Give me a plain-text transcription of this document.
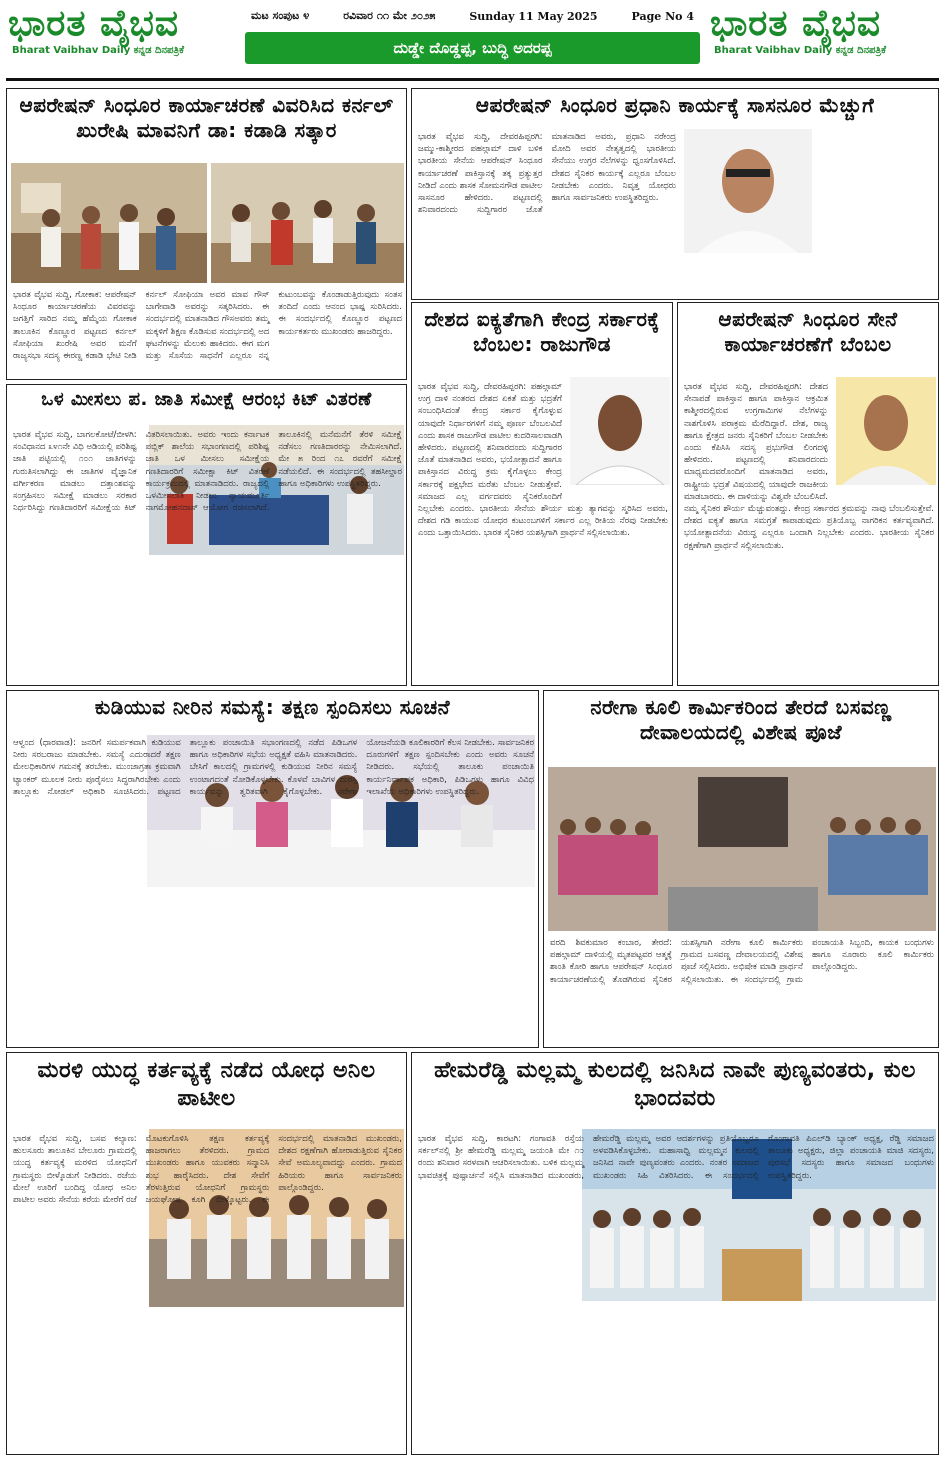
ಭಾರತ ವೈಭವ
Bharat Vaibhav Daily ಕನ್ನಡ ದಿನಪತ್ರಿಕೆ
ಮಟ ಸಂಪುಟ ೪	ರವಿವಾರ ೧೧ ಮೇ ೨೦೨೫	Sunday 11 May 2025	Page No 4
ದುಡ್ಡೇ ದೊಡ್ಡಪ್ಪ, ಬುದ್ಧಿ ಅದರಪ್ಪ
ಭಾರತ ವೈಭವ
Bharat Vaibhav Daily ಕನ್ನಡ ದಿನಪತ್ರಿಕೆ
ಆಪರೇಷನ್ ಸಿಂಧೂರ ಕಾರ್ಯಾಚರಣೆ ವಿವರಿಸಿದ ಕರ್ನಲ್ ಖುರೇಷಿ ಮಾವನಿಗೆ ಡಾ: ಕಡಾಡಿ ಸತ್ಕಾರ
ಭಾರತ ವೈಭವ ಸುದ್ದಿ, ಗೋಕಾಕ: ಆಪರೇಷನ್ ಸಿಂಧೂರ ಕಾರ್ಯಾಚರಣೆಯ ವಿವರವನ್ನು ಜಗತ್ತಿಗೆ ಸಾರಿದ ನಮ್ಮ ಹೆಮ್ಮೆಯ ಗೋಕಾಕ ತಾಲೂಕಿನ ಕೊಣ್ಣೂರ ಪಟ್ಟಣದ ಕರ್ನಲ್ ಸೋಫಿಯಾ ಖುರೇಷಿ ಅವರ ಮನೆಗೆ ರಾಜ್ಯಸಭಾ ಸದಸ್ಯ ಈರಣ್ಣ ಕಡಾಡಿ ಭೇಟಿ ನೀಡಿ ಕರ್ನಲ್ ಸೋಫಿಯಾ ಅವರ ಮಾವ ಗೌಸ್ ಬಾಗೇವಾಡಿ ಅವರನ್ನು ಸತ್ಕರಿಸಿದರು. ಈ ಸಂದರ್ಭದಲ್ಲಿ ಮಾತನಾಡಿದ ಗೌಸಅವರು ತಮ್ಮ ಮಕ್ಕಳಿಗೆ ಶಿಕ್ಷಣ ಕೊಡಿಸುವ ಸಂದರ್ಭದಲ್ಲಿ ಅದ ಘಟನೆಗಳನ್ನು ಮೆಲುಕು ಹಾಕಿದರು. ಈಗ ಮಗ ಮತ್ತು ಸೊಸೆಯ ಸಾಧನೆಗೆ ಎಲ್ಲರೂ ನನ್ನ ಕುಟುಂಬವನ್ನು ಕೊಂಡಾಡುತ್ತಿರುವುದು ಸಂತಸ ತಂದಿದೆ ಎಂದು ಆನಂದ ಭಾಷ್ಪ ಸುರಿಸಿದರು. ಈ ಸಂದರ್ಭದಲ್ಲಿ ಕೊಣ್ಣೂರ ಪಟ್ಟಣದ ಕಾರ್ಯಕರ್ತರು ಮುಖಂಡರು ಹಾಜರಿದ್ದರು.
ಆಪರೇಷನ್ ಸಿಂಧೂರ ಪ್ರಧಾನಿ ಕಾರ್ಯಕ್ಕೆ ಸಾಸನೂರ ಮೆಚ್ಚುಗೆ
ಭಾರತ ವೈಭವ ಸುದ್ದಿ, ದೇವರಹಿಪ್ಪರಗಿ: ಜಮ್ಮು-ಕಾಶ್ಮೀರದ ಪಹಲ್ಗಾಮ್ ದಾಳಿ ಬಳಿಕ ಭಾರತೀಯ ಸೇನೆಯ ಆಪರೇಷನ್ ಸಿಂಧೂರ ಕಾರ್ಯಾಚರಣೆ ಪಾಕಿಸ್ತಾನಕ್ಕೆ ತಕ್ಕ ಪ್ರತ್ಯುತ್ತರ ನೀಡಿದೆ ಎಂದು ಶಾಸಕ ಸೋಮನಗೌಡ ಪಾಟೀಲ ಸಾಸನೂರ ಹೇಳಿದರು. ಪಟ್ಟಣದಲ್ಲಿ ಶನಿವಾರದಂದು ಸುದ್ದಿಗಾರರ ಜೊತೆ ಮಾತನಾಡಿದ ಅವರು, ಪ್ರಧಾನಿ ನರೇಂದ್ರ ಮೋದಿ ಅವರ ನೇತೃತ್ವದಲ್ಲಿ ಭಾರತೀಯ ಸೇನೆಯು ಉಗ್ರರ ನೆಲೆಗಳನ್ನು ಧ್ವಂಸಗೊಳಿಸಿದೆ. ದೇಶದ ಸೈನಿಕರ ಕಾರ್ಯಕ್ಕೆ ಎಲ್ಲರೂ ಬೆಂಬಲ ನೀಡಬೇಕು ಎಂದರು. ನಿವೃತ್ತ ಯೋಧರು ಹಾಗೂ ಸಾರ್ವಜನಿಕರು ಉಪಸ್ಥಿತರಿದ್ದರು.
ದೇಶದ ಐಕ್ಯತೆಗಾಗಿ ಕೇಂದ್ರ ಸರ್ಕಾರಕ್ಕೆ ಬೆಂಬಲ: ರಾಜುಗೌಡ
ಭಾರತ ವೈಭವ ಸುದ್ದಿ, ದೇವರಹಿಪ್ಪರಗಿ: ಪಹಲ್ಗಾಮ್ ಉಗ್ರ ದಾಳಿ ನಂತರದ ದೇಶದ ಏಕತೆ ಮತ್ತು ಭದ್ರತೆಗೆ ಸಂಬಂಧಿಸಿದಂತೆ ಕೇಂದ್ರ ಸರ್ಕಾರ ಕೈಗೊಳ್ಳುವ ಯಾವುದೇ ನಿರ್ಧಾರಗಳಿಗೆ ನಮ್ಮ ಪೂರ್ಣ ಬೆಂಬಲವಿದೆ ಎಂದು ಶಾಸಕ ರಾಜುಗೌಡ ಪಾಟೀಲ ಕುದರಿಸಾಲವಾಡಗಿ ಹೇಳಿದರು. ಪಟ್ಟಣದಲ್ಲಿ ಶನಿವಾರದಂದು ಸುದ್ದಿಗಾರರ ಜೊತೆ ಮಾತನಾಡಿದ ಅವರು, ಭಯೋತ್ಪಾದನೆ ಹಾಗೂ ಪಾಕಿಸ್ತಾನದ ವಿರುದ್ಧ ಕ್ರಮ ಕೈಗೊಳ್ಳಲು ಕೇಂದ್ರ ಸರ್ಕಾರಕ್ಕೆ ಪಕ್ಷಭೇದ ಮರೆತು ಬೆಂಬಲ ನೀಡುತ್ತೇವೆ. ಸಮಾಜದ ಎಲ್ಲ ವರ್ಗದವರು ಸೈನಿಕರೊಂದಿಗೆ ನಿಲ್ಲಬೇಕು ಎಂದರು. ಭಾರತೀಯ ಸೇನೆಯ ಶೌರ್ಯ ಮತ್ತು ತ್ಯಾಗವನ್ನು ಸ್ಮರಿಸಿದ ಅವರು, ದೇಶದ ಗಡಿ ಕಾಯುವ ಯೋಧರ ಕುಟುಂಬಗಳಿಗೆ ಸರ್ಕಾರ ಎಲ್ಲ ರೀತಿಯ ನೆರವು ನೀಡಬೇಕು ಎಂದು ಒತ್ತಾಯಿಸಿದರು. ಭಾರತ ಸೈನಿಕರ ಯಶಸ್ಸಿಗಾಗಿ ಪ್ರಾರ್ಥನೆ ಸಲ್ಲಿಸಲಾಯಿತು.
ಆಪರೇಷನ್ ಸಿಂಧೂರ ಸೇನೆ ಕಾರ್ಯಾಚರಣೆಗೆ ಬೆಂಬಲ
ಭಾರತ ವೈಭವ ಸುದ್ದಿ, ದೇವರಹಿಪ್ಪರಗಿ: ದೇಶದ ಸೇನಾಪಡೆ ಪಾಕಿಸ್ತಾನ ಹಾಗೂ ಪಾಕಿಸ್ತಾನ ಆಕ್ರಮಿತ ಕಾಶ್ಮೀರದಲ್ಲಿರುವ ಉಗ್ರಗಾಮಿಗಳ ನೆಲೆಗಳನ್ನು ನಾಶಗೊಳಿಸಿ ಪರಾಕ್ರಮ ಮೆರೆದಿದ್ದಾರೆ. ದೇಶ, ರಾಜ್ಯ ಹಾಗೂ ಕ್ಷೇತ್ರದ ಜನರು ಸೈನಿಕರಿಗೆ ಬೆಂಬಲ ನೀಡಬೇಕು ಎಂದು ಕೆಪಿಸಿಸಿ ಸದಸ್ಯ ಪ್ರಭುಗೌಡ ಲಿಂಗದಳ್ಳಿ ಹೇಳಿದರು. ಪಟ್ಟಣದಲ್ಲಿ ಶನಿವಾರದಂದು ಮಾಧ್ಯಮದವರೊಂದಿಗೆ ಮಾತನಾಡಿದ ಅವರು, ರಾಷ್ಟ್ರೀಯ ಭದ್ರತೆ ವಿಷಯದಲ್ಲಿ ಯಾವುದೇ ರಾಜಕೀಯ ಮಾಡಬಾರದು. ಈ ದಾಳಿಯನ್ನು ವಿಶ್ವವೇ ಬೆಂಬಲಿಸಿದೆ. ನಮ್ಮ ಸೈನಿಕರ ಶೌರ್ಯ ಮೆಚ್ಚುವಂತದ್ದು. ಕೇಂದ್ರ ಸರ್ಕಾರದ ಕ್ರಮವನ್ನು ನಾವು ಬೆಂಬಲಿಸುತ್ತೇವೆ. ದೇಶದ ಐಕ್ಯತೆ ಹಾಗೂ ಸಮಗ್ರತೆ ಕಾಪಾಡುವುದು ಪ್ರತಿಯೊಬ್ಬ ನಾಗರಿಕನ ಕರ್ತವ್ಯವಾಗಿದೆ. ಭಯೋತ್ಪಾದನೆಯ ವಿರುದ್ಧ ಎಲ್ಲರೂ ಒಂದಾಗಿ ನಿಲ್ಲಬೇಕು ಎಂದರು. ಭಾರತೀಯ ಸೈನಿಕರ ರಕ್ಷಣೆಗಾಗಿ ಪ್ರಾರ್ಥನೆ ಸಲ್ಲಿಸಲಾಯಿತು.
ಒಳ ಮೀಸಲು ಪ. ಜಾತಿ ಸಮೀಕ್ಷೆ ಆರಂಭ ಕಿಟ್ ವಿತರಣೆ
ಭಾರತ ವೈಭವ ಸುದ್ದಿ, ಬಾಗಲಕೋಟೆ/ಬೀಳಗಿ: ಸಂವಿಧಾನದ ೩೪೧ನೇ ವಿಧಿ ಅಡಿಯಲ್ಲಿ ಪರಿಶಿಷ್ಟ ಜಾತಿ ಪಟ್ಟಿಯಲ್ಲಿ ೧೦೧ ಜಾತಿಗಳನ್ನು ಗುರುತಿಸಲಾಗಿದ್ದು ಈ ಜಾತಿಗಳ ವೈಜ್ಞಾನಿಕ ವರ್ಗೀಕರಣ ಮಾಡಲು ದತ್ತಾಂಶವನ್ನು ಸಂಗ್ರಹಿಸಲು ಸಮೀಕ್ಷೆ ಮಾಡಲು ಸರಕಾರ ನಿರ್ಧರಿಸಿದ್ದು ಗಣತಿದಾರರಿಗೆ ಸಮೀಕ್ಷೆಯ ಕಿಟ್ ವಿತರಿಸಲಾಯಿತು. ಅವರು ಇಂದು ಕರ್ನಾಟಕ ಪಬ್ಲಿಕ್ ಶಾಲೆಯ ಸಭಾಂಗಣದಲ್ಲಿ ಪರಿಶಿಷ್ಟ ಜಾತಿ ಒಳ ಮೀಸಲು ಸಮೀಕ್ಷೆಯ ಗಣತಿದಾರರಿಗೆ ಸಮೀಕ್ಷಾ ಕಿಟ್ ವಿತರಣೆ ಕಾರ್ಯಕ್ರಮದಲ್ಲಿ ಮಾತನಾಡಿದರು. ರಾಜ್ಯದಲ್ಲಿ ಒಳಮೀಸಲಾತಿ ನೀಡಲು ನ್ಯಾಯಮೂರ್ತಿ ನಾಗಮೋಹನದಾಸ್ ಆಯೋಗ ರಚಿಸಲಾಗಿದೆ. ತಾಲೂಕಿನಲ್ಲಿ ಮನೆಮನೆಗೆ ತೆರಳಿ ಸಮೀಕ್ಷೆ ನಡೆಸಲು ಗಣತಿದಾರರನ್ನು ನೇಮಿಸಲಾಗಿದೆ. ಮೇ ೫ ರಿಂದ ೧೭ ರವರೆಗೆ ಸಮೀಕ್ಷೆ ನಡೆಯಲಿದೆ. ಈ ಸಂದರ್ಭದಲ್ಲಿ ತಹಸೀಲ್ದಾರ ಹಾಗೂ ಅಧಿಕಾರಿಗಳು ಉಪಸ್ಥಿತರಿದ್ದರು.
ಕುಡಿಯುವ ನೀರಿನ ಸಮಸ್ಯೆ: ತಕ್ಷಣ ಸ್ಪಂದಿಸಲು ಸೂಚನೆ
ಆಳ್ವಂದ (ಧಾರವಾಡ): ಜನರಿಗೆ ಸಮರ್ಪಕವಾಗಿ ಕುಡಿಯುವ ನೀರು ಸರಬರಾಜು ಮಾಡಬೇಕು. ಸಮಸ್ಯೆ ಎದುರಾದರೆ ತಕ್ಷಣ ಮೇಲಧಿಕಾರಿಗಳ ಗಮನಕ್ಕೆ ತರಬೇಕು. ಮುಂಜಾಗ್ರತಾ ಕ್ರಮವಾಗಿ ಟ್ಯಾಂಕರ್ ಮೂಲಕ ನೀರು ಪೂರೈಸಲು ಸಿದ್ಧರಾಗಿರಬೇಕು ಎಂದು ತಾಲ್ಲೂಕು ನೋಡಲ್ ಅಧಿಕಾರಿ ಸೂಚಿಸಿದರು. ಪಟ್ಟಣದ ತಾಲ್ಲೂಕು ಪಂಚಾಯಿತಿ ಸಭಾಂಗಣದಲ್ಲಿ ನಡೆದ ಪಿಡಿಒಗಳ ಹಾಗೂ ಅಧಿಕಾರಿಗಳ ಸಭೆಯ ಅಧ್ಯಕ್ಷತೆ ವಹಿಸಿ ಮಾತನಾಡಿದರು. ಬೇಸಿಗೆ ಕಾಲದಲ್ಲಿ ಗ್ರಾಮಗಳಲ್ಲಿ ಕುಡಿಯುವ ನೀರಿನ ಸಮಸ್ಯೆ ಉಂಟಾಗದಂತೆ ನೋಡಿಕೊಳ್ಳಬೇಕು. ಕೊಳವೆ ಬಾವಿಗಳ ದುರಸ್ತಿ ಕಾರ್ಯವನ್ನು ತ್ವರಿತವಾಗಿ ಕೈಗೊಳ್ಳಬೇಕು. ನರೇಗಾ ಯೋಜನೆಯಡಿ ಕೂಲಿಕಾರರಿಗೆ ಕೆಲಸ ನೀಡಬೇಕು. ಸಾರ್ವಜನಿಕರ ದೂರುಗಳಿಗೆ ತಕ್ಷಣ ಸ್ಪಂದಿಸಬೇಕು ಎಂದು ಅವರು ಸೂಚನೆ ನೀಡಿದರು. ಸಭೆಯಲ್ಲಿ ತಾಲೂಕು ಪಂಚಾಯಿತಿ ಕಾರ್ಯನಿರ್ವಾಹಕ ಅಧಿಕಾರಿ, ಪಿಡಿಒಗಳು ಹಾಗೂ ವಿವಿಧ ಇಲಾಖೆಯ ಅಧಿಕಾರಿಗಳು ಉಪಸ್ಥಿತರಿದ್ದರು.
ನರೇಗಾ ಕೂಲಿ ಕಾರ್ಮಿಕರಿಂದ ತೇರದೆ ಬಸವಣ್ಣ ದೇವಾಲಯದಲ್ಲಿ ವಿಶೇಷ ಪೂಜೆ
ವರದಿ ಶಿವಕುಮಾರ ಕಂಬಾರ, ತೇರದೆ: ಪಹಲ್ಗಾಮ್ ದಾಳಿಯಲ್ಲಿ ಮೃತಪಟ್ಟವರ ಆತ್ಮಕ್ಕೆ ಶಾಂತಿ ಕೋರಿ ಹಾಗೂ ಆಪರೇಷನ್ ಸಿಂಧೂರ ಕಾರ್ಯಾಚರಣೆಯಲ್ಲಿ ತೊಡಗಿರುವ ಸೈನಿಕರ ಯಶಸ್ಸಿಗಾಗಿ ನರೇಗಾ ಕೂಲಿ ಕಾರ್ಮಿಕರು ಗ್ರಾಮದ ಬಸವಣ್ಣ ದೇವಾಲಯದಲ್ಲಿ ವಿಶೇಷ ಪೂಜೆ ಸಲ್ಲಿಸಿದರು. ಅಭಿಷೇಕ ಮಾಡಿ ಪ್ರಾರ್ಥನೆ ಸಲ್ಲಿಸಲಾಯಿತು. ಈ ಸಂದರ್ಭದಲ್ಲಿ ಗ್ರಾಮ ಪಂಚಾಯತಿ ಸಿಬ್ಬಂದಿ, ಕಾಯಕ ಬಂಧುಗಳು ಹಾಗೂ ನೂರಾರು ಕೂಲಿ ಕಾರ್ಮಿಕರು ಪಾಲ್ಗೊಂಡಿದ್ದರು.
ಮರಳಿ ಯುದ್ಧ ಕರ್ತವ್ಯಕ್ಕೆ ನಡೆದ ಯೋಧ ಅನಿಲ ಪಾಟೀಲ
ಭಾರತ ವೈಭವ ಸುದ್ದಿ, ಬಸವ ಕಲ್ಯಾಣ: ಹುಲಸೂರು ತಾಲೂಕಿನ ಬೇಲೂರು ಗ್ರಾಮದಲ್ಲಿ ಯುದ್ಧ ಕರ್ತವ್ಯಕ್ಕೆ ಮರಳಿದ ಯೋಧನಿಗೆ ಗ್ರಾಮಸ್ಥರು ಬೀಳ್ಕೊಡುಗೆ ನೀಡಿದರು. ರಜೆಯ ಮೇಲೆ ಊರಿಗೆ ಬಂದಿದ್ದ ಯೋಧ ಅನಿಲ ಪಾಟೀಲ ಅವರು ಸೇನೆಯ ಕರೆಯ ಮೇರೆಗೆ ರಜೆ ಮೊಟಕುಗೊಳಿಸಿ ತಕ್ಷಣ ಕರ್ತವ್ಯಕ್ಕೆ ಹಾಜರಾಗಲು ತೆರಳಿದರು. ಗ್ರಾಮದ ಮುಖಂಡರು ಹಾಗೂ ಯುವಕರು ಸನ್ಮಾನಿಸಿ ಶುಭ ಹಾರೈಸಿದರು. ದೇಶ ಸೇವೆಗೆ ತೆರಳುತ್ತಿರುವ ಯೋಧನಿಗೆ ಗ್ರಾಮಸ್ಥರು ಜಯಘೋಷ ಕೂಗಿ ಬೀಳ್ಕೊಟ್ಟರು. ಈ ಸಂದರ್ಭದಲ್ಲಿ ಮಾತನಾಡಿದ ಮುಖಂಡರು, ದೇಶದ ರಕ್ಷಣೆಗಾಗಿ ಹೋರಾಡುತ್ತಿರುವ ಸೈನಿಕರ ಸೇವೆ ಅಮೂಲ್ಯವಾದದ್ದು ಎಂದರು. ಗ್ರಾಮದ ಹಿರಿಯರು ಹಾಗೂ ಸಾರ್ವಜನಿಕರು ಪಾಲ್ಗೊಂಡಿದ್ದರು.
ಹೇಮರೆಡ್ಡಿ ಮಲ್ಲಮ್ಮ ಕುಲದಲ್ಲಿ ಜನಿಸಿದ ನಾವೇ ಪುಣ್ಯವಂತರು, ಕುಲ ಭಾಂದವರು
ಭಾರತ ವೈಭವ ಸುದ್ದಿ, ಕಾರಟಗಿ: ಗಂಗಾವತಿ ರಸ್ತೆಯ ಸರ್ಕಲ್‌ನಲ್ಲಿ ಶ್ರೀ ಹೇಮರೆಡ್ಡಿ ಮಲ್ಲಮ್ಮ ಜಯಂತಿ ಮೇ ೧೦ ರಂದು ಶನಿವಾರ ಸರಳವಾಗಿ ಆಚರಿಸಲಾಯಿತು. ಬಳಿಕ ಮಲ್ಲಮ್ಮ ಭಾವಚಿತ್ರಕ್ಕೆ ಪುಷ್ಪಾರ್ಚನೆ ಸಲ್ಲಿಸಿ ಮಾತನಾಡಿದ ಮುಖಂಡರು, ಹೇಮರೆಡ್ಡಿ ಮಲ್ಲಮ್ಮ ಅವರ ಆದರ್ಶಗಳನ್ನು ಪ್ರತಿಯೊಬ್ಬರೂ ಅಳವಡಿಸಿಕೊಳ್ಳಬೇಕು. ಮಹಾಸಾಧ್ವಿ ಮಲ್ಲಮ್ಮನ ಕುಲದಲ್ಲಿ ಜನಿಸಿದ ನಾವೇ ಪುಣ್ಯವಂತರು ಎಂದರು. ನಂತರ ಸಮಾಜದ ಮುಖಂಡರು ಸಿಹಿ ವಿತರಿಸಿದರು. ಈ ಸಂದರ್ಭದಲ್ಲಿ ಗೊಂಗಾವತಿ ಪಿಎಲ್‌ಡಿ ಬ್ಯಾಂಕ್ ಅಧ್ಯಕ್ಷ, ರೆಡ್ಡಿ ಸಮಾಜದ ತಾಲೂಕು ಅಧ್ಯಕ್ಷರು, ಜಿಲ್ಲಾ ಪಂಚಾಯತಿ ಮಾಜಿ ಸದಸ್ಯರು, ಪುರಸಭೆ ಸದಸ್ಯರು ಹಾಗೂ ಸಮಾಜದ ಬಂಧುಗಳು ಉಪಸ್ಥಿತರಿದ್ದರು.
